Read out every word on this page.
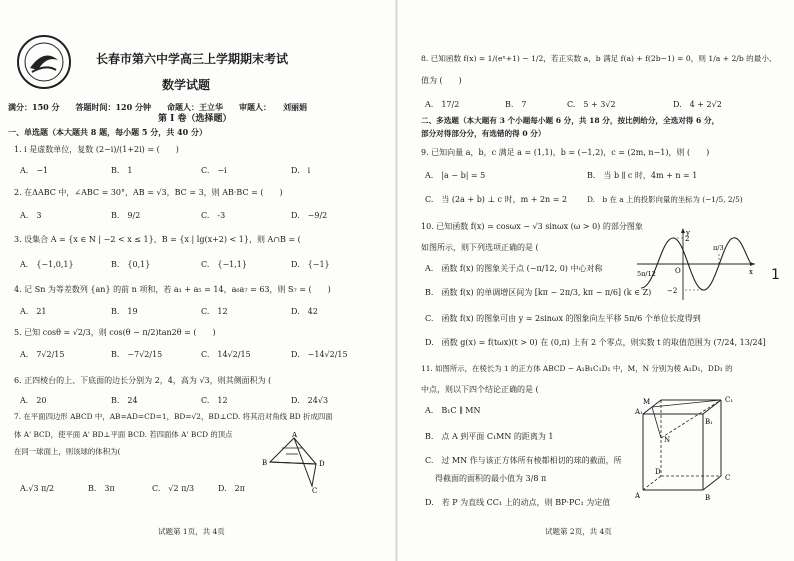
长春市第六中学高三上学期期末考试
数学试题
满分：150 分　　答题时间：120 分钟　　命题人：王立华　　审题人：　　刘丽娟
第 I 卷（选择题）
一、单选题（本大题共 8 题，每小题 5 分，共 40 分）
1. i 是虚数单位，复数 (2−i)/(1+2i) = (　　)
A.　−1	B.　1	C.　−i	D.　i
2. 在ΔABC 中，∠ABC = 30°，AB = √3，BC = 3，则 AB·BC = (　　)
A.　3	B.　9/2	C.　-3	D.　−9/2
3. 设集合 A = {x ∈ N | −2 < x ≤ 1}，B = {x | lg(x+2) < 1}，则 A∩B = (
A.　{−1,0,1}	B.　{0,1}	C.　{−1,1}	D.　{−1}
4. 记 Sn 为等差数列 {an} 的前 n 项和，若 a₁ + a₅ = 14，a₆a₇ = 63，则 S₇ = (　　)
A.　21	B.　19	C.　12	D.　42
5. 已知 cosθ = √2/3，则 cos(θ − π/2)tan2θ = (　　)
A.　7√2/15	B.　−7√2/15	C.　14√2/15	D.　−14√2/15
6. 正四棱台的上、下底面的边长分别为 2，4，高为 √3，则其侧面积为 (
A.　20	B.　24	C.　12	D.　24√3
7. 在平面四边形 ABCD 中，AB=AD=CD=1，BD=√2，BD⊥CD. 将其沿对角线 BD 折成四面
体 A' BCD，使平面 A' BD⊥平面 BCD. 若四面体 A' BCD 的顶点
在同一球面上，则该球的体积为(
A
B	D
C
A.√3 π/2	B.　3π	C.　√2 π/3	D.　2π
试题第 1页，共 4页
8. 已知函数 f(x) = 1/(eˣ+1) − 1/2，若正实数 a，b 满足 f(a) + f(2b−1) = 0，则 1/a + 2/b 的最小、
值为 (　　)
A.　17/2	B.　7	C.　5 + 3√2	D.　4 + 2√2
二、多选题（本大题有 3 个小题每小题 6 分，共 18 分，按比例给分，全选对得 6 分，
部分对得部分分，有选错的得 0 分）
9. 已知向量 a，b，c 满足 a = (1,1)，b = (−1,2)，c = (2m, n−1)，则 (　　)
A.　|a − b| = 5	B.　当 b ∥ c 时，4m + n = 1
C.　当 (2a + b) ⊥ c 时，m + 2n = 2	D.　b 在 a 上的投影向量的坐标为 (−1/5, 2/5)
10. 已知函数 f(x) = cosωx − √3 sinωx (ω > 0) 的部分图象
如图所示，则下列选项正确的是 (
A.　函数 f(x) 的图象关于点 (−π/12, 0) 中心对称
B.　函数 f(x) 的单调增区间为 [kπ − 2π/3, kπ − π/6] (k ∈ Z)
C.　函数 f(x) 的图象可由 y = 2sinωx 的图象向左平移 5π/6 个单位长度得到
D.　函数 g(x) = f(tωx)(t > 0) 在 (0,π) 上有 2 个零点，则实数 t 的取值范围为 (7/24, 13/24]
y
x
2
−2
O
5π/12
π/3
11. 如图所示，在棱长为 1 的正方体 ABCD − A₁B₁C₁D₁ 中，M，N 分别为棱 A₁D₁，DD₁ 的
中点，则以下四个结论正确的是 (
A.　B₁C ∥ MN
B.　点 A 到平面 C₁MN 的距离为 1
C.　过 MN 作与该正方体所有棱都相切的球的截面，所
得截面的面积的最小值为 3/8 π
D.　若 P 为直线 CC₁ 上的动点，则 BP·PC₁ 为定值
M
A₁
C₁
B₁
N
A
D
C
B
试题第 2页，共 4页
1
